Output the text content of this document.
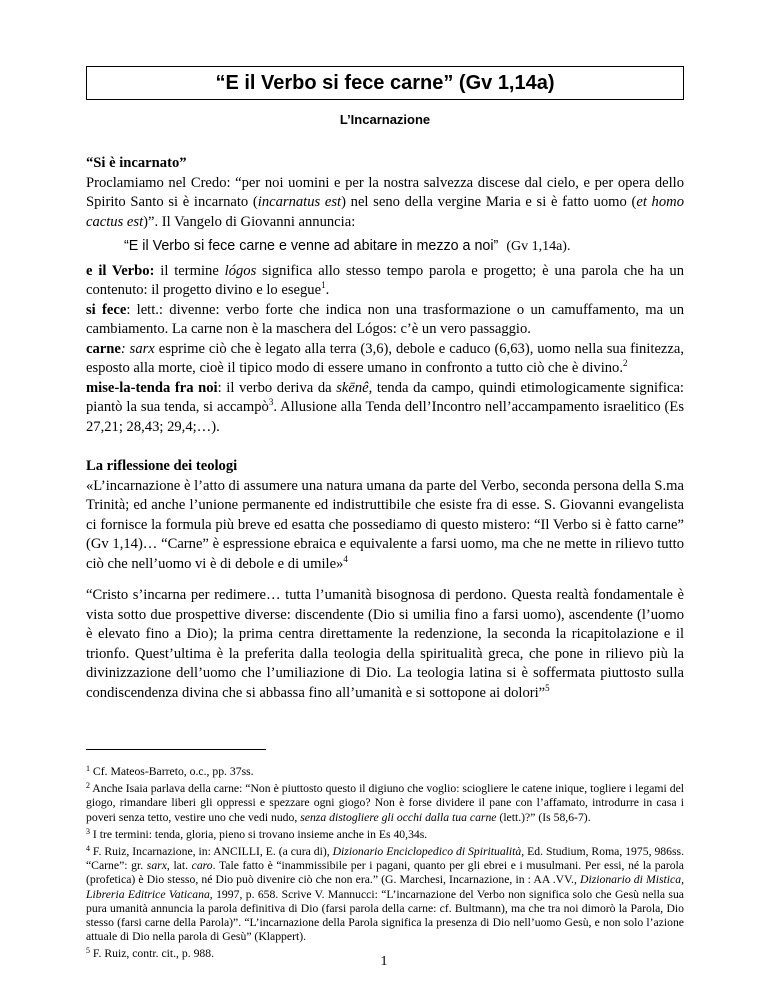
“E il Verbo si fece carne” (Gv 1,14a)
L’Incarnazione

“Si è incarnato”

Proclamiamo nel Credo: “per noi uomini e per la nostra salvezza discese dal cielo, e per opera dello Spirito Santo si è incarnato (incarnatus est) nel seno della vergine Maria e si è fatto uomo (et homo cactus est)”. Il Vangelo di Giovanni annuncia:

“E il Verbo si fece carne e venne ad abitare in mezzo a noi” (Gv 1,14a).

e il Verbo: il termine lógos significa allo stesso tempo parola e progetto; è una parola che ha un contenuto: il progetto divino e lo esegue$^1$.

si fece: lett.: divenne: verbo forte che indica non una trasformazione o un camuffamento, ma un cambiamento. La carne non è la maschera del Lógos: c’è un vero passaggio.

carne: sarx esprime ciò che è legato alla terra (3,6), debole e caduco (6,63), uomo nella sua finitezza, esposto alla morte, cioè il tipico modo di essere umano in confronto a tutto ciò che è divino.$^2$

mise-la-tenda fra noi: il verbo deriva da skēnê, tenda da campo, quindi etimologicamente significa: piantò la sua tenda, si accampò$^3$. Allusione alla Tenda dell’Incontro nell’accampamento israelitico (Es 27,21; 28,43; 29,4;…).

La riflessione dei teologi

«L’incarnazione è l’atto di assumere una natura umana da parte del Verbo, seconda persona della S.ma Trinità; ed anche l’unione permanente ed indistruttibile che esiste fra di esse. S. Giovanni evangelista ci fornisce la formula più breve ed esatta che possediamo di questo mistero: “Il Verbo si è fatto carne” (Gv 1,14)… “Carne” è espressione ebraica e equivalente a farsi uomo, ma che ne mette in rilievo tutto ciò che nell’uomo vi è di debole e di umile»$^4$

“Cristo s’incarna per redimere… tutta l’umanità bisognosa di perdono. Questa realtà fondamentale è vista sotto due prospettive diverse: discendente (Dio si umilia fino a farsi uomo), ascendente (l’uomo è elevato fino a Dio); la prima centra direttamente la redenzione, la seconda la ricapitolazione e il trionfo. Quest’ultima è la preferita dalla teologia della spiritualità greca, che pone in rilievo più la divinizzazione dell’uomo che l’umiliazione di Dio. La teologia latina si è soffermata piuttosto sulla condiscendenza divina che si abbassa fino all’umanità e si sottopone ai dolori”$^5$

$^1$ Cf. Mateos-Barreto, o.c., pp. 37ss.

$^2$ Anche Isaia parlava della carne: “Non è piuttosto questo il digiuno che voglio: sciogliere le catene inique, togliere i legami del giogo, rimandare liberi gli oppressi e spezzare ogni giogo? Non è forse dividere il pane con l’affamato, introdurre in casa i poveri senza tetto, vestire uno che vedi nudo, senza distogliere gli occhi dalla tua carne (lett.)?” (Is 58,6-7).

$^3$ I tre termini: tenda, gloria, pieno si trovano insieme anche in Es 40,34s.

$^4$ F. Ruiz, Incarnazione, in: ANCILLI, E. (a cura di), Dizionario Enciclopedico di Spiritualità, Ed. Studium, Roma, 1975, 986ss. “Carne”: gr. sarx, lat. caro. Tale fatto è “inammissibile per i pagani, quanto per gli ebrei e i musulmani. Per essi, né la parola (profetica) è Dio stesso, né Dio può divenire ciò che non era.” (G. Marchesi, Incarnazione, in : AA .VV., Dizionario di Mistica, Libreria Editrice Vaticana, 1997, p. 658. Scrive V. Mannucci: “L’incarnazione del Verbo non significa solo che Gesù nella sua pura umanità annuncia la parola definitiva di Dio (farsi parola della carne: cf. Bultmann), ma che tra noi dimorò la Parola, Dio stesso (farsi carne della Parola)”. “L’incarnazione della Parola significa la presenza di Dio nell’uomo Gesù, e non solo l’azione attuale di Dio nella parola di Gesù” (Klappert).

$^5$ F. Ruiz, contr. cit., p. 988.

1
